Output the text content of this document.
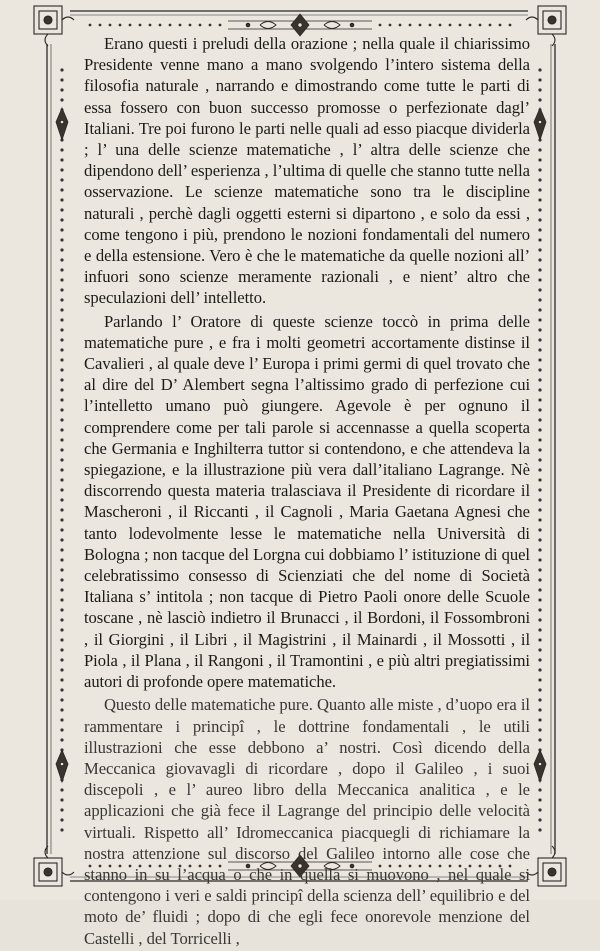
Erano questi i preludi della orazione ; nella quale il chiarissimo Presidente venne mano a mano svolgendo l’intero sistema della filosofia naturale , narrando e dimostrando come tutte le parti di essa fossero con buon successo promosse o perfezionate dagl’ Italiani. Tre poi furono le parti nelle quali ad esso piacque dividerla ; l’ una delle scienze matematiche , l’ altra delle scienze che dipendono dell’ esperienza , l’ultima di quelle che stanno tutte nella osservazione. Le scienze matematiche sono tra le discipline naturali , perchè dagli oggetti esterni si dipartono , e solo da essi , come tengono i più, prendono le nozioni fondamentali del numero e della estensione. Vero è che le matematiche da quelle nozioni all’ infuori sono scienze meramente razionali , e nient’ altro che speculazioni dell’ intelletto.

Parlando l’ Oratore di queste scienze toccò in prima delle matematiche pure , e fra i molti geometri accortamente distinse il Cavalieri , al quale deve l’ Europa i primi germi di quel trovato che al dire del D’ Alembert segna l’altissimo grado di perfezione cui l’intelletto umano può giungere. Agevole è per ognuno il comprendere come per tali parole si accennasse a quella scoperta che Germania e Inghilterra tuttor si contendono, e che attendeva la spiegazione, e la illustrazione più vera dall’italiano Lagrange. Nè discorrendo questa materia tralasciava il Presidente di ricordare il Mascheroni , il Riccanti , il Cagnoli , Maria Gaetana Agnesi che tanto lodevolmente lesse le matematiche nella Università di Bologna ; non tacque del Lorgna cui dobbiamo l’ istituzione di quel celebratissimo consesso di Scienziati che del nome di Società Italiana s’ intitola ; non tacque di Pietro Paoli onore delle Scuole toscane , nè lasciò indietro il Brunacci , il Bordoni, il Fossombroni , il Giorgini , il Libri , il Magistrini , il Mainardi , il Mossotti , il Piola , il Plana , il Rangoni , il Tramontini , e più altri pregiatissimi autori di profonde opere matematiche.

Questo delle matematiche pure. Quanto alle miste , d’uopo era il rammentare i principî , le dottrine fondamentali , le utili illustrazioni che esse debbono a’ nostri. Così dicendo della Meccanica giovavagli di ricordare , dopo il Galileo , i suoi discepoli , e l’ aureo libro della Meccanica analitica , e le applicazioni che già fece il Lagrange del principio delle velocità virtuali. Rispetto all’ Idromeccanica piacquegli di richiamare la nostra attenzione sul discorso del Galileo intorno alle cose che stanno in su l’acqua o che in quella si muovono , nel quale si contengono i veri e saldi principî della scienza dell’ equilibrio e del moto de’ fluidi ; dopo di che egli fece onorevole menzione del Castelli , del Torricelli ,
